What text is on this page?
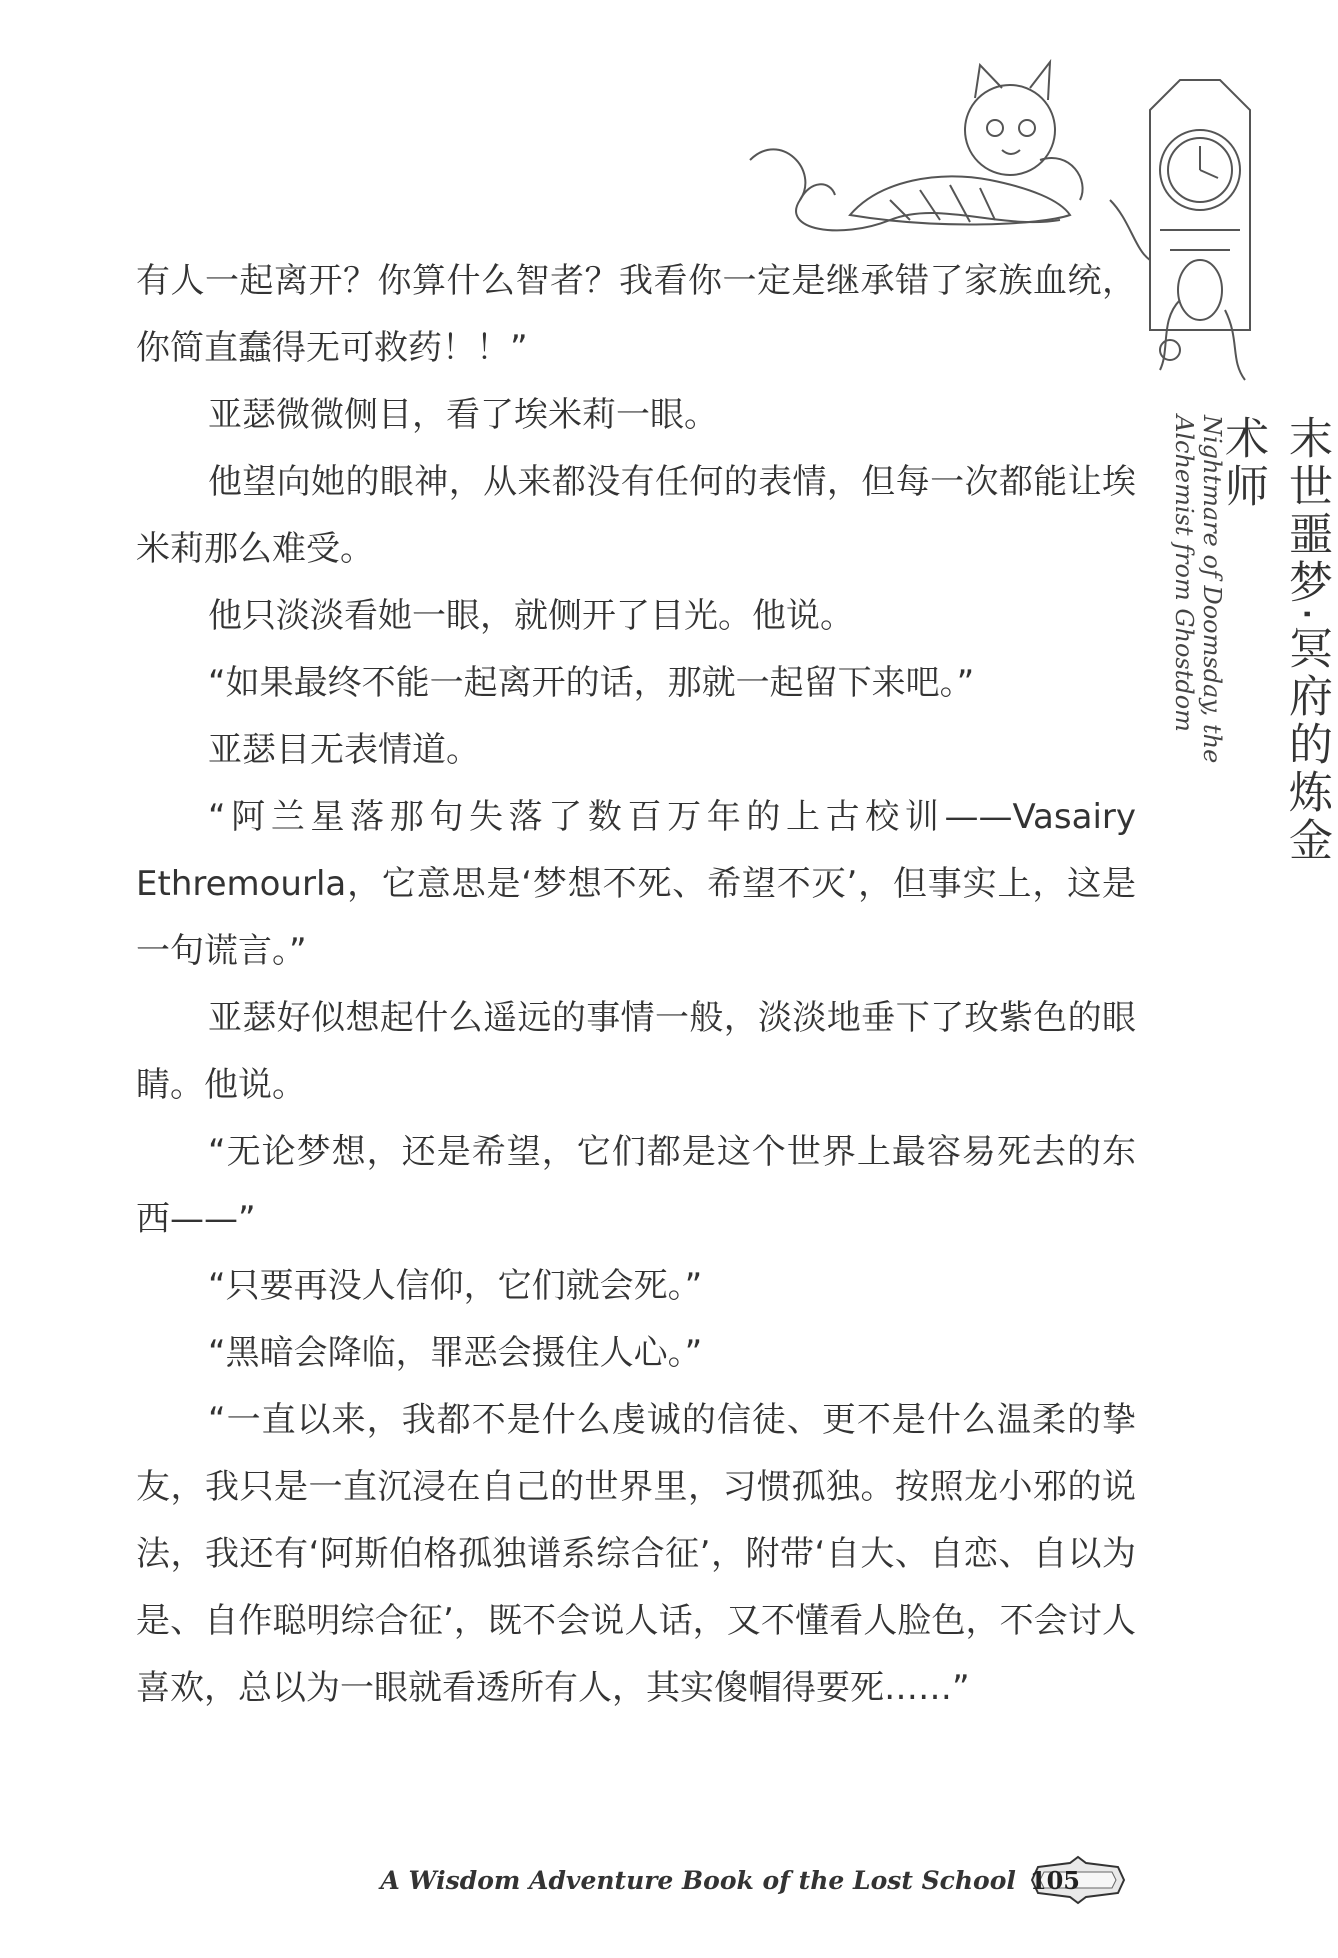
末世噩梦·冥府的炼金术师
Nightmare of Doomsday, the Alchemist from Ghostdom

有人一起离开？你算什么智者？我看你一定是继承错了家族血统，你简直蠢得无可救药！！”

亚瑟微微侧目，看了埃米莉一眼。

他望向她的眼神，从来都没有任何的表情，但每一次都能让埃米莉那么难受。

他只淡淡看她一眼，就侧开了目光。他说。

“如果最终不能一起离开的话，那就一起留下来吧。”

亚瑟目无表情道。

“阿兰星落那句失落了数百万年的上古校训——Vasairy Ethremourla，它意思是‘梦想不死、希望不灭’，但事实上，这是一句谎言。”

亚瑟好似想起什么遥远的事情一般，淡淡地垂下了玫紫色的眼睛。他说。

“无论梦想，还是希望，它们都是这个世界上最容易死去的东西——”

“只要再没人信仰，它们就会死。”

“黑暗会降临，罪恶会摄住人心。”

“一直以来，我都不是什么虔诚的信徒、更不是什么温柔的挚友，我只是一直沉浸在自己的世界里，习惯孤独。按照龙小邪的说法，我还有‘阿斯伯格孤独谱系综合征’，附带‘自大、自恋、自以为是、自作聪明综合征’，既不会说人话，又不懂看人脸色，不会讨人喜欢，总以为一眼就看透所有人，其实傻帽得要死……”

A Wisdom Adventure Book of the Lost School 105
